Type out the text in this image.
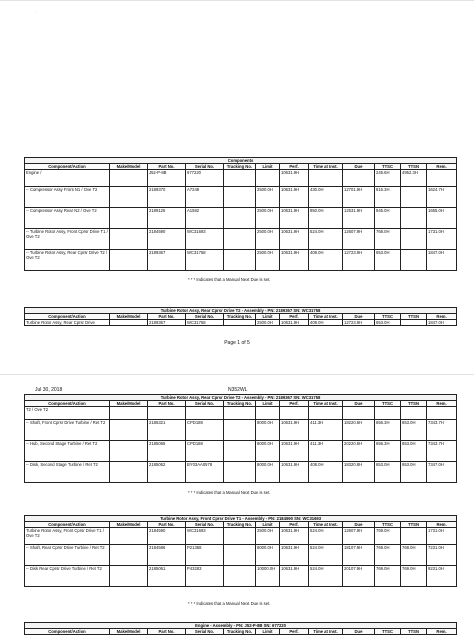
·
Components											
Component/Action	Make/Model	Part No.	Serial No.	Tracking No.	Limit	Perf.	Time at Inst.	Due	TTSC	TTSN	Rem.
Engine /		J52-P-8B	677220			10631.9H			245.6H	4952.3H	
-- Compressor Assy Front N1 / Ove T2		2189370	A7249		2500.0H	10631.9H	430.0H	12701.9H	815.3H		1624.7H
-- Compressor Assy Rear N2 / Ove T2		2189125	A1582		2500.0H	10631.9H	850.0H	12531.9H	845.0H		1655.0H
-- Turbine Rotor Assy, Front Cprsr Drive T1 / Ove T2		2184590	WC31693		2500.0H	10631.9H	524.0H	12607.9H	768.0H		1731.0H
-- Turbine Rotor Assy, Rear Cprsr Drive T2 / Ove T2		2189367	WC31758		2500.0H	10631.9H	408.0H	12723.9H	653.0H		1847.0H
* * * Indicates that a Manual Next Due is set.
Turbine Rotor Assy, Rear Cprsr Drive T2 - Assembly - PN: 2189367 SN: WC31758											
Component/Action	Make/Model	Part No.	Serial No.	Tracking No.	Limit	Perf.	Time at Inst.	Due	TTSC	TTSN	Rem.
Turbine Rotor Assy, Rear Cprsr Drive		2189367	WC31758		2500.0H	10631.9H	408.0H	12723.9H	653.0H		1847.0H
Page 1 of 5
Jul 30, 2018	N352WL
Turbine Rotor Assy, Rear Cprsr Drive T2 - Assembly - PN: 2189367 SN: WC31758											
Component/Action	Make/Model	Part No.	Serial No.	Tracking No.	Limit	Perf.	Time at Inst.	Due	TTSC	TTSN	Rem.
T2 / Ove T2											
-- Shaft, Front Cprsr Drive Turbine / Ret T2		2185321	CPD188		8000.0H	10631.9H	411.3H	18220.6H	656.3H	653.0H	7343.7H
-- Hub, Second Stage Turbine / Ret T2		2185065	CPD188		8000.0H	10631.9H	411.3H	20220.6H	656.3H	653.0H	7343.7H
-- Disk, Second Stage Turbine / Ret T2		2185062	BY03AA0578		8000.0H	10631.9H	408.0H	18320.8H	653.0H	653.0H	7347.0H
* * * Indicates that a Manual Next Due is set.
Turbine Rotor Assy, Front Cprsr Drive T1 - Assembly - PN: 2184590 SN: WC31693											
Component/Action	Make/Model	Part No.	Serial No.	Tracking No.	Limit	Perf.	Time at Inst.	Due	TTSC	TTSN	Rem.
Turbine Rotor Assy, Front Cprsr Drive T1 / Ove T2		2184590	WC31693		2500.0H	10631.9H	524.0H	12607.9H	769.0H		1731.0H
-- Shaft, Rear Cprsr Drive Turbine / Ret T2		2184586	P21368		8000.0H	10631.9H	524.0H	18107.9H	769.0H	768.0H	7231.0H
-- Disk Rear Cprsr Drive Turbine / Ret T2		2185061	P43283		10000.0H	10631.9H	524.0H	20107.9H	769.0H	769.0H	9231.0H
* * * Indicates that a Manual Next Due is set.
Engine - Assembly - PN: J52-P-8B SN: 677220
Component/Action	Make/Model	Part No.	Serial No.	Tracking No.	Limit	Perf.	Time at Inst.	Due	TTSC	TTSN	Rem.
